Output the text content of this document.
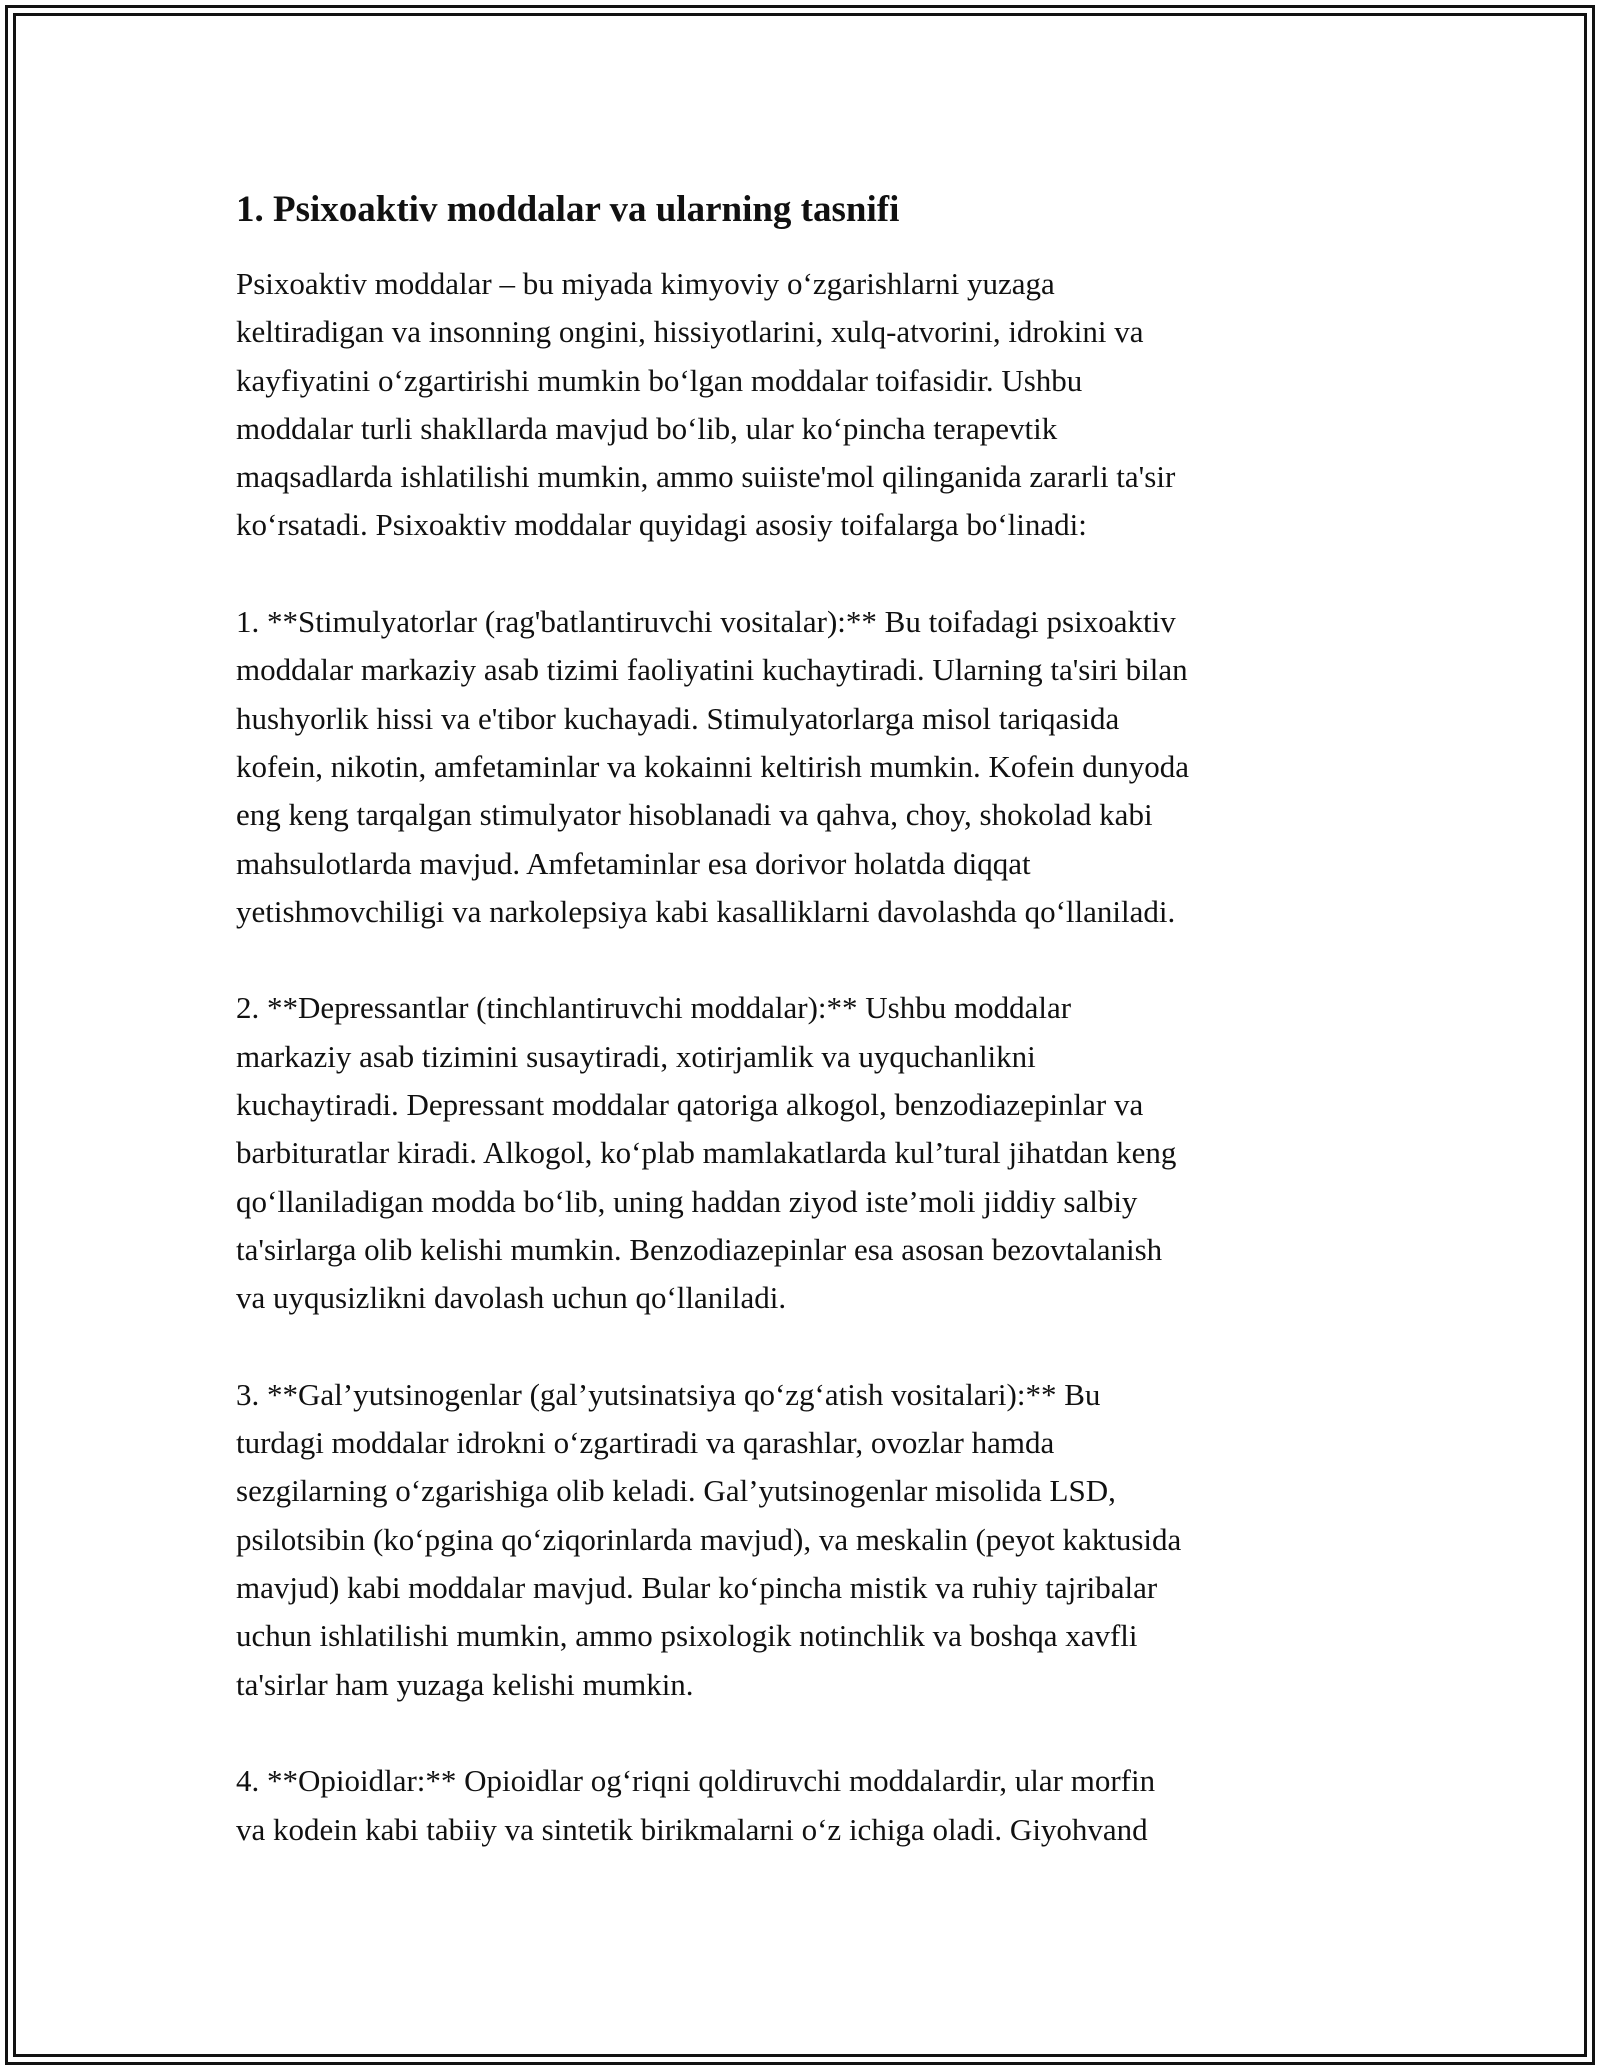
1. Psixoaktiv moddalar va ularning tasnifi
Psixoaktiv moddalar – bu miyada kimyoviy oʻzgarishlarni yuzaga
keltiradigan va insonning ongini, hissiyotlarini, xulq-atvorini, idrokini va
kayfiyatini oʻzgartirishi mumkin boʻlgan moddalar toifasidir. Ushbu
moddalar turli shakllarda mavjud boʻlib, ular koʻpincha terapevtik
maqsadlarda ishlatilishi mumkin, ammo suiiste'mol qilinganida zararli ta'sir
koʻrsatadi. Psixoaktiv moddalar quyidagi asosiy toifalarga boʻlinadi:
1. **Stimulyatorlar (rag'batlantiruvchi vositalar):** Bu toifadagi psixoaktiv
moddalar markaziy asab tizimi faoliyatini kuchaytiradi. Ularning ta'siri bilan
hushyorlik hissi va e'tibor kuchayadi. Stimulyatorlarga misol tariqasida
kofein, nikotin, amfetaminlar va kokainni keltirish mumkin. Kofein dunyoda
eng keng tarqalgan stimulyator hisoblanadi va qahva, choy, shokolad kabi
mahsulotlarda mavjud. Amfetaminlar esa dorivor holatda diqqat
yetishmovchiligi va narkolepsiya kabi kasalliklarni davolashda qoʻllaniladi.
2. **Depressantlar (tinchlantiruvchi moddalar):** Ushbu moddalar
markaziy asab tizimini susaytiradi, xotirjamlik va uyquchanlikni
kuchaytiradi. Depressant moddalar qatoriga alkogol, benzodiazepinlar va
barbituratlar kiradi. Alkogol, koʻplab mamlakatlarda kul’tural jihatdan keng
qoʻllaniladigan modda boʻlib, uning haddan ziyod iste’moli jiddiy salbiy
ta'sirlarga olib kelishi mumkin. Benzodiazepinlar esa asosan bezovtalanish
va uyqusizlikni davolash uchun qoʻllaniladi.
3. **Gal’yutsinogenlar (gal’yutsinatsiya qoʻzgʻatish vositalari):** Bu
turdagi moddalar idrokni oʻzgartiradi va qarashlar, ovozlar hamda
sezgilarning oʻzgarishiga olib keladi. Gal’yutsinogenlar misolida LSD,
psilotsibin (koʻpgina qoʻziqorinlarda mavjud), va meskalin (peyot kaktusida
mavjud) kabi moddalar mavjud. Bular koʻpincha mistik va ruhiy tajribalar
uchun ishlatilishi mumkin, ammo psixologik notinchlik va boshqa xavfli
ta'sirlar ham yuzaga kelishi mumkin.
4. **Opioidlar:** Opioidlar ogʻriqni qoldiruvchi moddalardir, ular morfin
va kodein kabi tabiiy va sintetik birikmalarni oʻz ichiga oladi. Giyohvand
